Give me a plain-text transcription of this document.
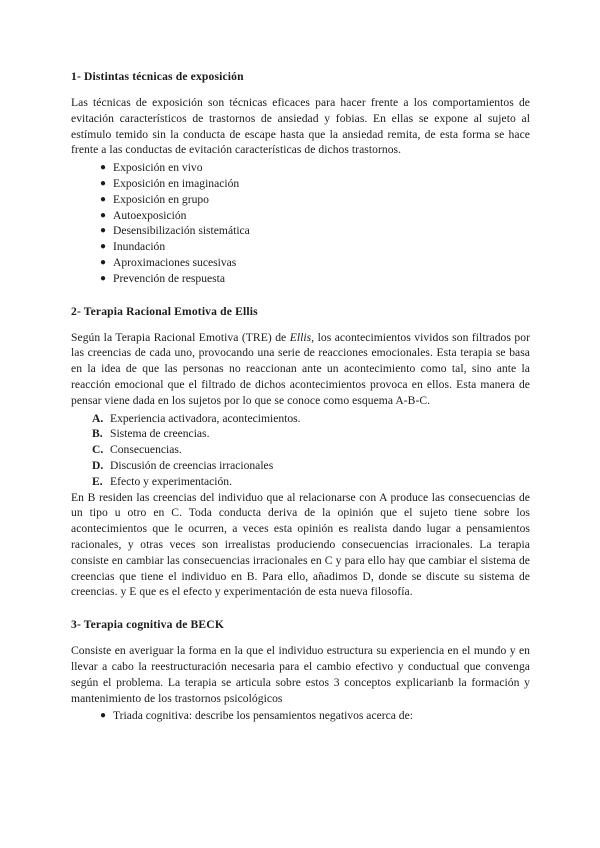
1- Distintas técnicas de exposición

Las técnicas de exposición son técnicas eficaces para hacer frente a los comportamientos de evitación característicos de trastornos de ansiedad y fobias. En ellas se expone al sujeto al estímulo temido sin la conducta de escape hasta que la ansiedad remita, de esta forma se hace frente a las conductas de evitación características de dichos trastornos.

● Exposición en vivo
● Exposición en imaginación
● Exposición en grupo
● Autoexposición
● Desensibilización sistemática
● Inundación
● Aproximaciones sucesivas
● Prevención de respuesta
2- Terapia Racional Emotiva de Ellis

Según la Terapia Racional Emotiva (TRE) de Ellis, los acontecimientos vividos son filtrados por las creencias de cada uno, provocando una serie de reacciones emocionales. Esta terapia se basa en la idea de que las personas no reaccionan ante un acontecimiento como tal, sino ante la reacción emocional que el filtrado de dichos acontecimientos provoca en ellos. Esta manera de pensar viene dada en los sujetos por lo que se conoce como esquema A-B-C.

A. Experiencia activadora, acontecimientos.
B. Sistema de creencias.
C. Consecuencias.
D. Discusión de creencias irracionales
E. Efecto y experimentación.

En B residen las creencias del individuo que al relacionarse con A produce las consecuencias de un tipo u otro en C. Toda conducta deriva de la opinión que el sujeto tiene sobre los acontecimientos que le ocurren, a veces esta opinión es realista dando lugar a pensamientos racionales, y otras veces son irrealistas produciendo consecuencias irracionales. La terapia consiste en cambiar las consecuencias irracionales en C y para ello hay que cambiar el sistema de creencias que tiene el individuo en B. Para ello, añadimos D, donde se discute su sistema de creencias. y E que es el efecto y experimentación de esta nueva filosofía.

3- Terapia cognitiva de BECK

Consiste en averiguar la forma en la que el individuo estructura su experiencia en el mundo y en llevar a cabo la reestructuración necesaria para el cambio efectivo y conductual que convenga según el problema. La terapia se articula sobre estos 3 conceptos explicarianb la formación y mantenimiento de los trastornos psicológicos

● Triada cognitiva: describe los pensamientos negativos acerca de:
